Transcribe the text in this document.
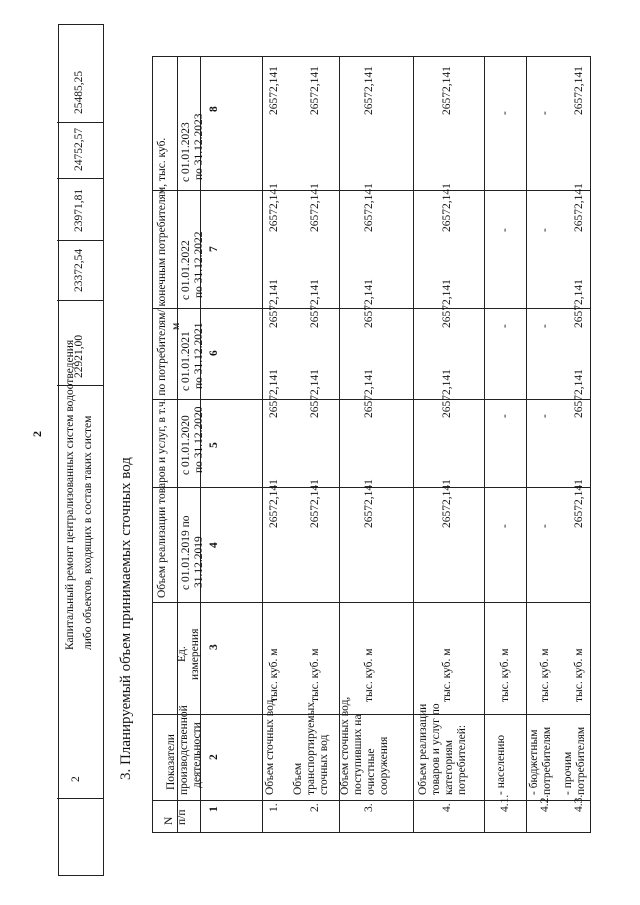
2
2
Капитальный ремонт централизованных систем водоотведения либо объектов, входящих в состав таких систем
22921,00
23372,54
23971,81
24752,57
25485,25
3. Планируемый объем принимаемых сточных вод
N п/п
Показатели производственной деятельности
Ед. измерения
Объем реализации товаров и услуг, в т.ч. по потребителям/ конечным потребителям, тыс. куб. м
с 01.01.2019 по 31.12.2019
с 01.01.2020 по 31.12.2020
с 01.01.2021 по 31.12.2021
с 01.01.2022 по 31.12.2022
с 01.01.2023 по 31.12.2023
1
2
3
4
5
6
7
8
1.
Объем сточных вод
тыс. куб. м
26572,141
26572,141
26572,141
26572,141
26572,141
2.
Объем транспортируемых сточных вод
тыс. куб. м
26572,141
26572,141
26572,141
26572,141
26572,141
3.
Объем сточных вод, поступивших на очистные сооружения
тыс. куб. м
26572,141
26572,141
26572,141
26572,141
26572,141
4.
Объем реализации товаров и услуг по категориям потребителей:
тыс. куб. м
26572,141
26572,141
26572,141
26572,141
26572,141
4.1.
- населению
тыс. куб. м
-
-
-
-
-
4.2.
- бюджетным потребителям
тыс. куб. м
-
-
-
-
-
4.3.
- прочим потребителям
тыс. куб. м
26572,141
26572,141
26572,141
26572,141
26572,141
